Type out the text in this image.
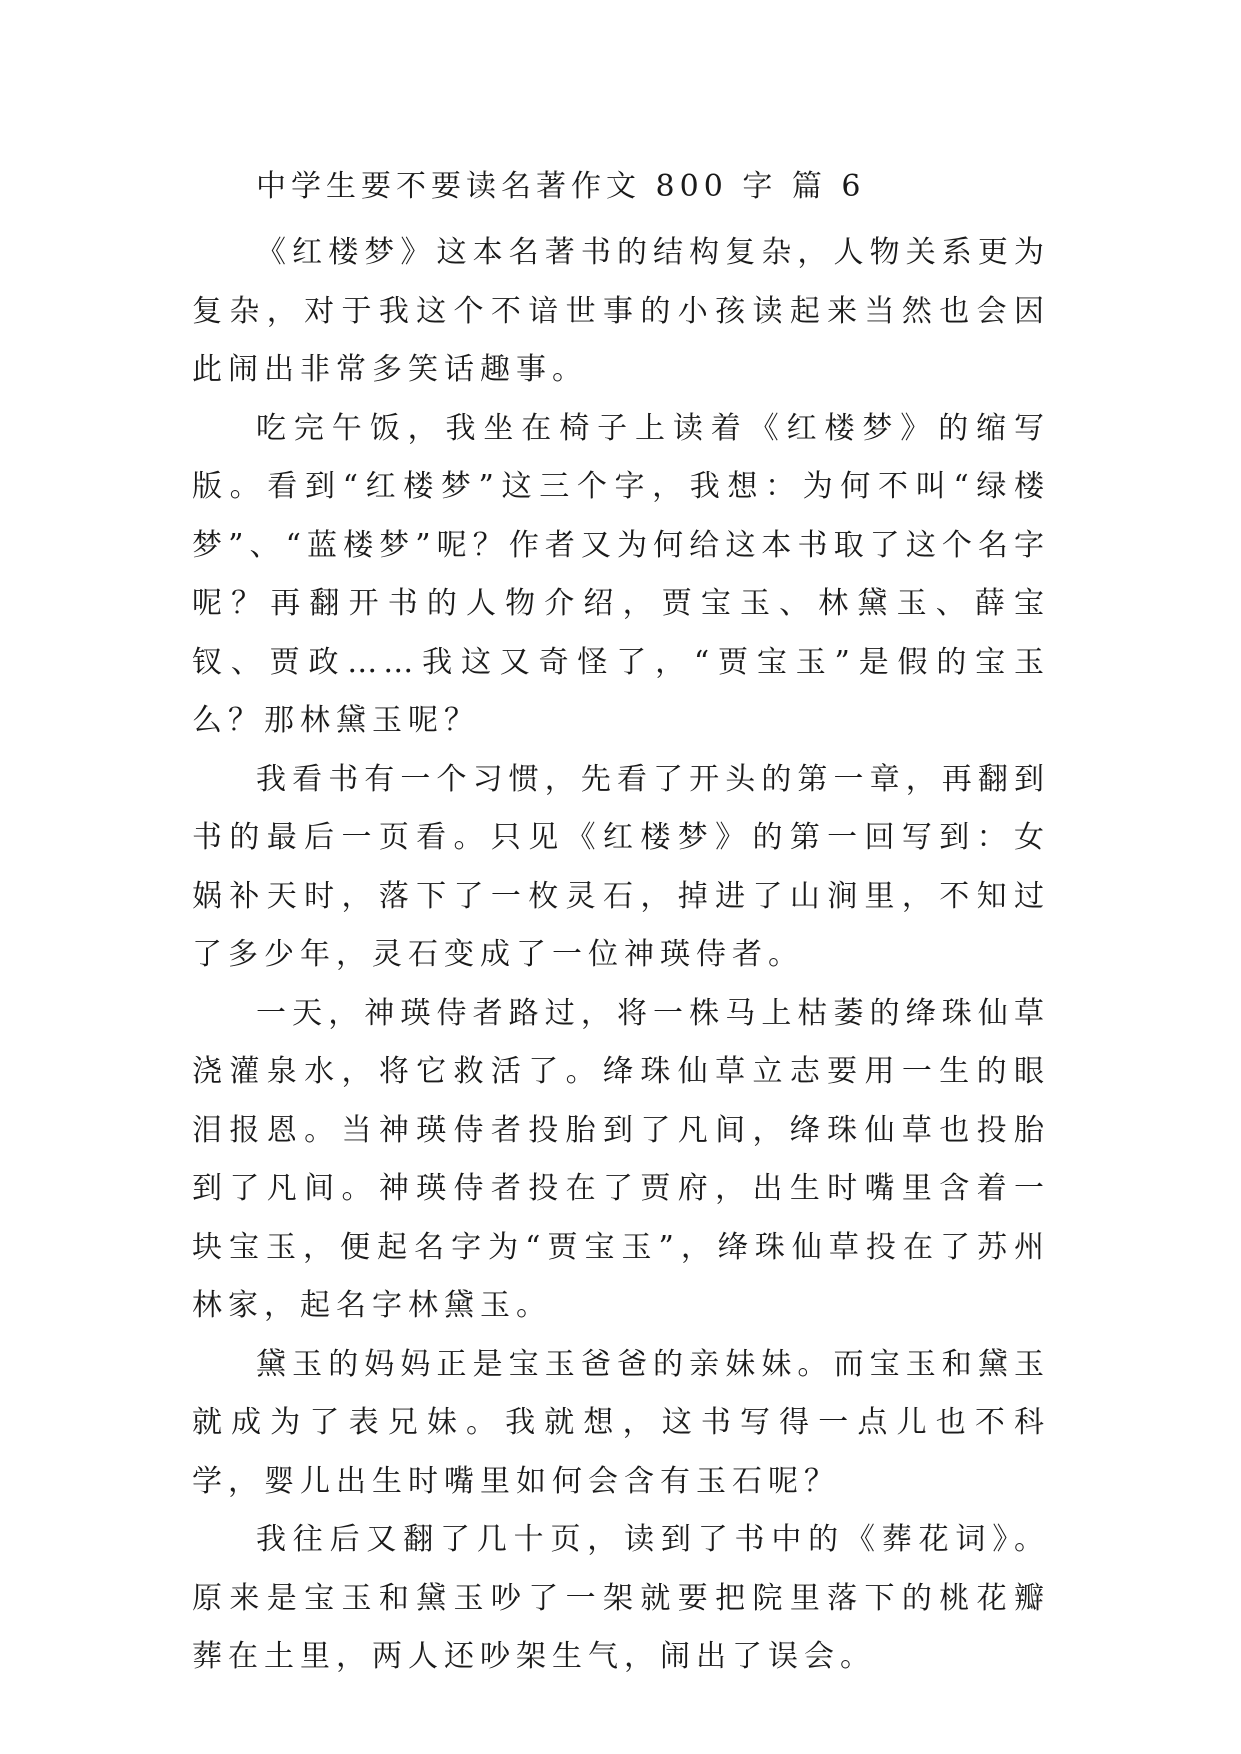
中学生要不要读名著作文 800 字 篇 6

《红楼梦》这本名著书的结构复杂，人物关系更为复杂，对于我这个不谙世事的小孩读起来当然也会因此闹出非常多笑话趣事。

吃完午饭，我坐在椅子上读着《红楼梦》的缩写版。看到“红楼梦”这三个字，我想：为何不叫“绿楼梦”、“蓝楼梦”呢？作者又为何给这本书取了这个名字呢？再翻开书的人物介绍，贾宝玉、林黛玉、薛宝钗、贾政……我这又奇怪了，“贾宝玉”是假的宝玉么？那林黛玉呢？

我看书有一个习惯，先看了开头的第一章，再翻到书的最后一页看。只见《红楼梦》的第一回写到：女娲补天时，落下了一枚灵石，掉进了山涧里，不知过了多少年，灵石变成了一位神瑛侍者。

一天，神瑛侍者路过，将一株马上枯萎的绛珠仙草浇灌泉水，将它救活了。绛珠仙草立志要用一生的眼泪报恩。当神瑛侍者投胎到了凡间，绛珠仙草也投胎到了凡间。神瑛侍者投在了贾府，出生时嘴里含着一块宝玉，便起名字为“贾宝玉”，绛珠仙草投在了苏州林家，起名字林黛玉。

黛玉的妈妈正是宝玉爸爸的亲妹妹。而宝玉和黛玉就成为了表兄妹。我就想，这书写得一点儿也不科学，婴儿出生时嘴里如何会含有玉石呢？

我往后又翻了几十页，读到了书中的《葬花词》。原来是宝玉和黛玉吵了一架就要把院里落下的桃花瓣葬在土里，两人还吵架生气，闹出了误会。
